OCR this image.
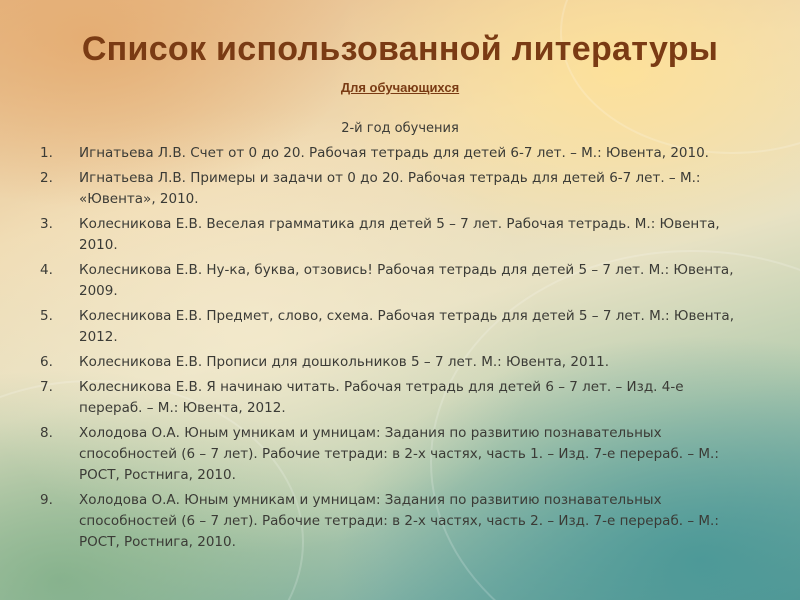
Список использованной литературы
Для обучающихся
2-й год обучения
1.	Игнатьева Л.В. Счет от 0 до 20. Рабочая тетрадь для детей 6-7 лет. – М.: Ювента, 2010.
2.	Игнатьева Л.В. Примеры и задачи от 0 до 20. Рабочая тетрадь для детей 6-7 лет. – М.: «Ювента», 2010.
3.	Колесникова Е.В. Веселая грамматика для детей 5 – 7 лет. Рабочая тетрадь. М.: Ювента, 2010.
4.	Колесникова Е.В. Ну-ка, буква, отзовись! Рабочая тетрадь для детей 5 – 7 лет. М.: Ювента, 2009.
5.	Колесникова Е.В. Предмет, слово, схема. Рабочая тетрадь для детей 5 – 7 лет. М.: Ювента, 2012.
6.	Колесникова Е.В. Прописи для дошкольников 5 – 7 лет. М.: Ювента, 2011.
7.	Колесникова Е.В. Я начинаю читать. Рабочая тетрадь для детей 6 – 7 лет. – Изд. 4-е перераб. – М.: Ювента, 2012.
8.	Холодова О.А. Юным умникам и умницам: Задания по развитию познавательных способностей (6 – 7 лет). Рабочие тетради: в 2-х частях, часть 1. – Изд. 7-е перераб. – М.: РОСТ, Ростнига, 2010.
9.	Холодова О.А. Юным умникам и умницам: Задания по развитию познавательных способностей (6 – 7 лет). Рабочие тетради: в 2-х частях, часть 2. – Изд. 7-е перераб. – М.: РОСТ, Ростнига, 2010.
